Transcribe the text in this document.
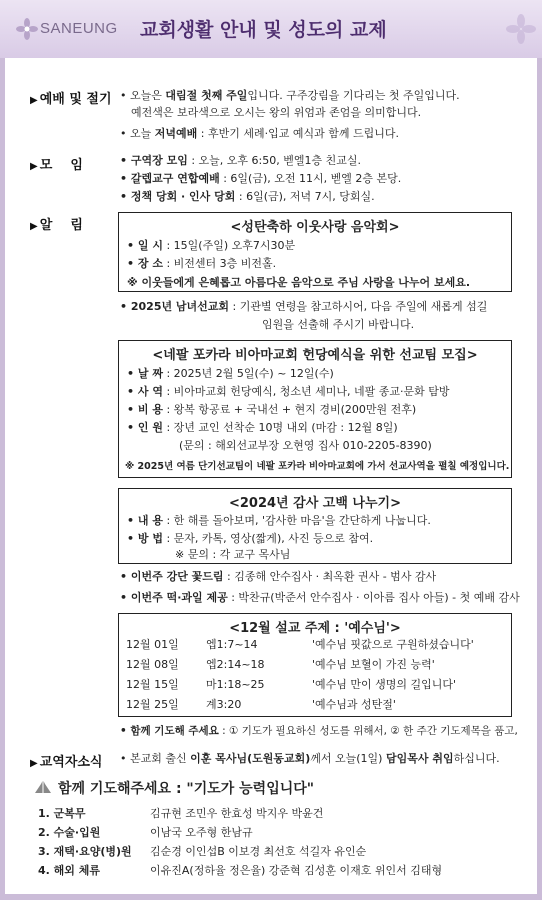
SANEUNG 교회생활 안내 및 성도의 교제
▶ 예배 및 절기 • 오늘은 대림절 첫째 주일입니다. 구주강림을 기다리는 첫 주일입니다.
예전색은 보라색으로 오시는 왕의 위엄과 존엄을 의미합니다.
• 오늘 저녁예배 : 후반기 세례·입교 예식과 함께 드립니다.
▶ 모    임	• 구역장 모임 : 오늘, 오후 6:50, 벧엘1층 친교실.
• 갈렙교구 연합예배 : 6일(금), 오전 11시, 벧엘 2층 본당.
• 정책 당회 · 인사 당회 : 6일(금), 저녁 7시, 당회실.
▶ 알    림	<성탄축하 이웃사랑 음악회>
• 일 시 : 15일(주일) 오후7시30분
• 장 소 : 비전센터 3층 비전홀.
※ 이웃들에게 은혜롭고 아름다운 음악으로 주님 사랑을 나누어 보세요.
• 2025년 남녀선교회 : 기관별 연령을 참고하시어, 다음 주일에 새롭게 섬길
임원을 선출해 주시기 바랍니다.
<네팔 포카라 비아마교회 헌당예식을 위한 선교팀 모집>
• 날 짜 : 2025년 2월 5일(수) ~ 12일(수)
• 사 역 : 비아마교회 헌당예식, 청소년 세미나, 네팔 종교·문화 탐방
• 비 용 : 왕복 항공료 + 국내선 + 현지 경비(200만원 전후)
• 인 원 : 장년 교인 선착순 10명 내외 (마감 : 12월 8일)
(문의 : 해외선교부장 오현영 집사 010-2205-8390)
※ 2025년 여름 단기선교팀이 네팔 포카라 비아마교회에 가서 선교사역을 펼칠 예정입니다.
<2024년 감사 고백 나누기>
• 내 용 : 한 해를 돌아보며, '감사한 마음'을 간단하게 나눕니다.
• 방 법 : 문자, 카톡, 영상(짧게), 사진 등으로 참여.
※ 문의 : 각 교구 목사님
• 이번주 강단 꽃드림 : 김종해 안수집사 · 최옥환 권사 - 범사 감사
• 이번주 떡·과일 제공 : 박찬규(박준서 안수집사 · 이아름 집사 아들) - 첫 예배 감사
<12월 설교 주제 : '예수님'>
12월 01일 엡1:7~14	'예수님 핏값으로 구원하셨습니다'
12월 08일 엡2:14~18	'예수님 보혈이 가진 능력'
12월 15일 마1:18~25	'예수님 만이 생명의 길입니다'
12월 25일 계3:20	'예수님과 성탄절'
• 함께 기도해 주세요 : ① 기도가 필요하신 성도를 위해서, ② 한 주간 기도제목을 품고,
▶ 교역자소식 • 본교회 출신 이훈 목사님(도원동교회)께서 오늘(1일) 담임목사 취임하십니다.
함께 기도해주세요 : "기도가 능력입니다"
1. 군복무	김규현 조민우 한효성 박지우 박윤건
2. 수술·입원	이남국 오주형 한남규
3. 재택·요양(병)원 김순경 이인섭B 이보경 최선호 석길자 유인순
4. 해외 체류	이유진A(정하율 정은율) 강준혁 김성훈 이재호 위인서 김태형
